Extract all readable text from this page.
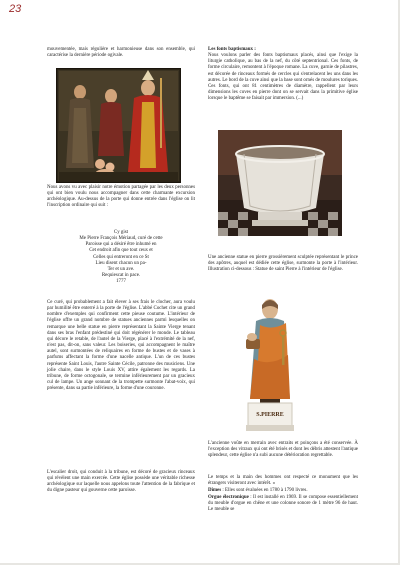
23

mouvementée, mais régulière et harmonieuse dans son ensemble, qui caractérise la dernière période ogivale.

Nous avons vu avec plaisir notre émotion partagée par les deux personnes qui ont bien voulu nous accompagner dans cette charmante excursion archéologique. Au-dessus de la porte qui donne entrée dans l'église on lit l'inscription ordinaire qui suit :

Cy gist

Me Pierre François Mériaud, curé de cette

Paroisse qui a désiré être inhumé en

Cet endroit afin que tout ceux et

Celles qui entreront en ce St

Lieu disent chacun un pa-

Ter et un ave.

Requiescat in pace.

1777

Ce curé, qui probablement a fait élever à ses frais le clocher, aura voulu par humilité être enterré à la porte de l'église. L'abbé Cochet cite un grand nombre d'exemples qui confirment cette pieuse coutume. L'intérieur de l'église offre un grand nombre de statues anciennes parmi lesquelles on remarque une belle statue en pierre représentant la Sainte Vierge tenant dans ses bras l'enfant prédestiné qui doit régénérer le monde. Le tableau qui décore le retable, de l'autel de la Vierge, placé à l'extrémité de la nef, n'est pas, dit-on, sans valeur. Les boiseries, qui accompagnent le maître autel, sont surmontées de reliquaires en forme de bustes et de vases à parfums affectant la forme d'une nacelle antique. L'un de ces bustes représente Saint Louis, l'autre Sainte Cécile, patronne des musiciens. Une jolie chaire, dans le style Louis XV, attire également les regards. La tribune, de forme octogonale, se termine inférieurement par un gracieux cul de lampe. Un ange sonnant de la trompette surmonte l'abat-voix, qui présente, dans sa partie inférieure, la forme d'une couronne.

L'escalier droit, qui conduit à la tribune, est décoré de gracieux rinceaux qui révèlent une main exercée. Cette église possède une véritable richesse archéologique sur laquelle nous appelons toute l'attention de la fabrique et du digne pasteur qui gouverne cette paroisse.

Les fonts baptismaux :

Nous voulons parler des fonts baptismaux placés, ainsi que l'exige la liturgie catholique, au bas de la nef, du côté septentrional. Ces fonts, de forme circulaire, remontent à l'époque romane. La cuve, garnie de pilastres, est décorée de rinceaux formés de cercles qui s'entrelacent les uns dans les autres. Le bord de la cuve ainsi que la base sont ornés de moulures toriques. Ces fonts, qui ont 81 centimètres de diamètre, rappellent par leurs dimensions les cuves en pierre dont on se servait dans la primitive église lorsque le baptême se faisait par immersion. (...)

Une ancienne statue en pierre grossièrement sculptée représentant le prince des apôtres, auquel est dédiée cette église, surmonte la porte à l'intérieur. Illustration ci-dessous : Statue de saint Pierre à l'intérieur de l'église.

S.PIERRE

L'ancienne voûte en merrain avec entraits et poinçons a été conservée. À l'exception des vitraux qui ont été brisés et dont les débris attestent l'antique splendeur, cette église n'a subi aucune détérioration regrettable.

Le temps et la main des hommes ont respecté ce monument que les étrangers visiteront avec intérêt. »

Dîmes : Elles sont évaluées en 1780 à 1790 livres.

Orgue électronique : Il est installé en 1969. Il se compose essentiellement du meuble d'orgue en chêne et une colonne sonore de 1 mètre 96 de haut. Le meuble se
